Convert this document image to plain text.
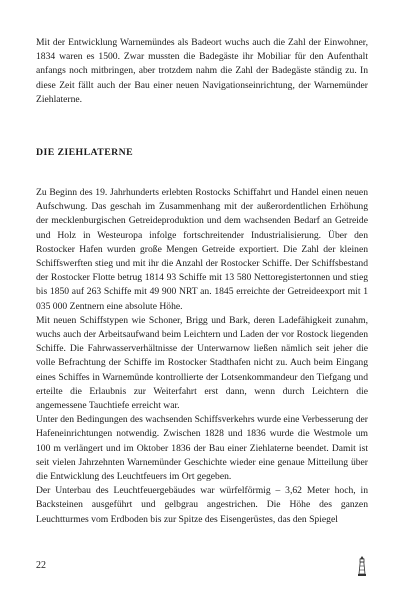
Mit der Entwicklung Warnemündes als Badeort wuchs auch die Zahl der Einwohner, 1834 waren es 1500. Zwar mussten die Badegäste ihr Mobiliar für den Aufenthalt anfangs noch mitbringen, aber trotzdem nahm die Zahl der Badegäste ständig zu. In diese Zeit fällt auch der Bau einer neuen Navigationseinrichtung, der Warnemünder Ziehlaterne.

DIE ZIEHLATERNE

Zu Beginn des 19. Jahrhunderts erlebten Rostocks Schiffahrt und Handel einen neuen Aufschwung. Das geschah im Zusammenhang mit der außerordentlichen Erhöhung der mecklenburgischen Getreideproduktion und dem wachsenden Bedarf an Getreide und Holz in Westeuropa infolge fortschreitender Industrialisierung. Über den Rostocker Hafen wurden große Mengen Getreide exportiert. Die Zahl der kleinen Schiffswerften stieg und mit ihr die Anzahl der Rostocker Schiffe. Der Schiffsbestand der Rostocker Flotte betrug 1814 93 Schiffe mit 13 580 Nettoregistertonnen und stieg bis 1850 auf 263 Schiffe mit 49 900 NRT an. 1845 erreichte der Getreideexport mit 1 035 000 Zentnern eine absolute Höhe.

Mit neuen Schiffstypen wie Schoner, Brigg und Bark, deren Ladefähigkeit zunahm, wuchs auch der Arbeitsaufwand beim Leichtern und Laden der vor Rostock liegenden Schiffe. Die Fahrwasserverhältnisse der Unterwarnow ließen nämlich seit jeher die volle Befrachtung der Schiffe im Rostocker Stadthafen nicht zu. Auch beim Eingang eines Schiffes in Warnemünde kontrollierte der Lotsenkommandeur den Tiefgang und erteilte die Erlaubnis zur Weiterfahrt erst dann, wenn durch Leichtern die angemessene Tauchtiefe erreicht war.

Unter den Bedingungen des wachsenden Schiffsverkehrs wurde eine Verbesserung der Hafeneinrichtungen notwendig. Zwischen 1828 und 1836 wurde die Westmole um 100 m verlängert und im Oktober 1836 der Bau einer Ziehlaterne beendet. Damit ist seit vielen Jahrzehnten Warnemünder Geschichte wieder eine genaue Mitteilung über die Entwicklung des Leuchtfeuers im Ort gegeben.

Der Unterbau des Leuchtfeuergebäudes war würfelförmig – 3,62 Meter hoch, in Backsteinen ausgeführt und gelbgrau angestrichen. Die Höhe des ganzen Leuchtturmes vom Erdboden bis zur Spitze des Eisengerüstes, das den Spiegel

22
